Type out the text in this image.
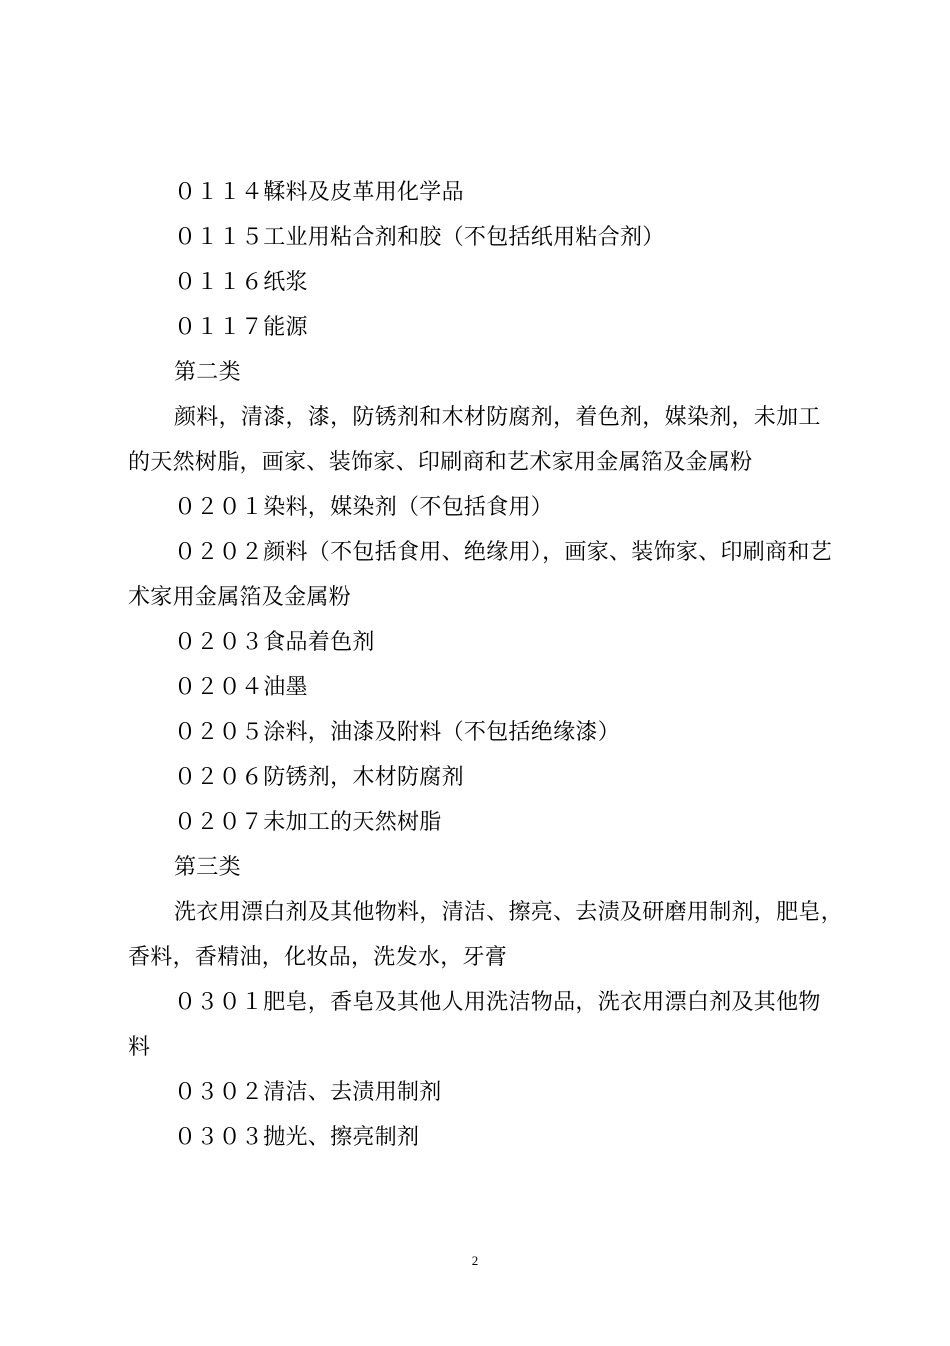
０１１４鞣料及皮革用化学品
０１１５工业用粘合剂和胶（不包括纸用粘合剂）
０１１６纸浆
０１１７能源
第二类
颜料，清漆，漆，防锈剂和木材防腐剂，着色剂，媒染剂，未加工
的天然树脂，画家、装饰家、印刷商和艺术家用金属箔及金属粉
０２０１染料，媒染剂（不包括食用）
０２０２颜料（不包括食用、绝缘用），画家、装饰家、印刷商和艺
术家用金属箔及金属粉
０２０３食品着色剂
０２０４油墨
０２０５涂料，油漆及附料（不包括绝缘漆）
０２０６防锈剂，木材防腐剂
０２０７未加工的天然树脂
第三类
洗衣用漂白剂及其他物料，清洁、擦亮、去渍及研磨用制剂，肥皂，
香料，香精油，化妆品，洗发水，牙膏
０３０１肥皂，香皂及其他人用洗洁物品，洗衣用漂白剂及其他物
料
０３０２清洁、去渍用制剂
０３０３抛光、擦亮制剂
2
